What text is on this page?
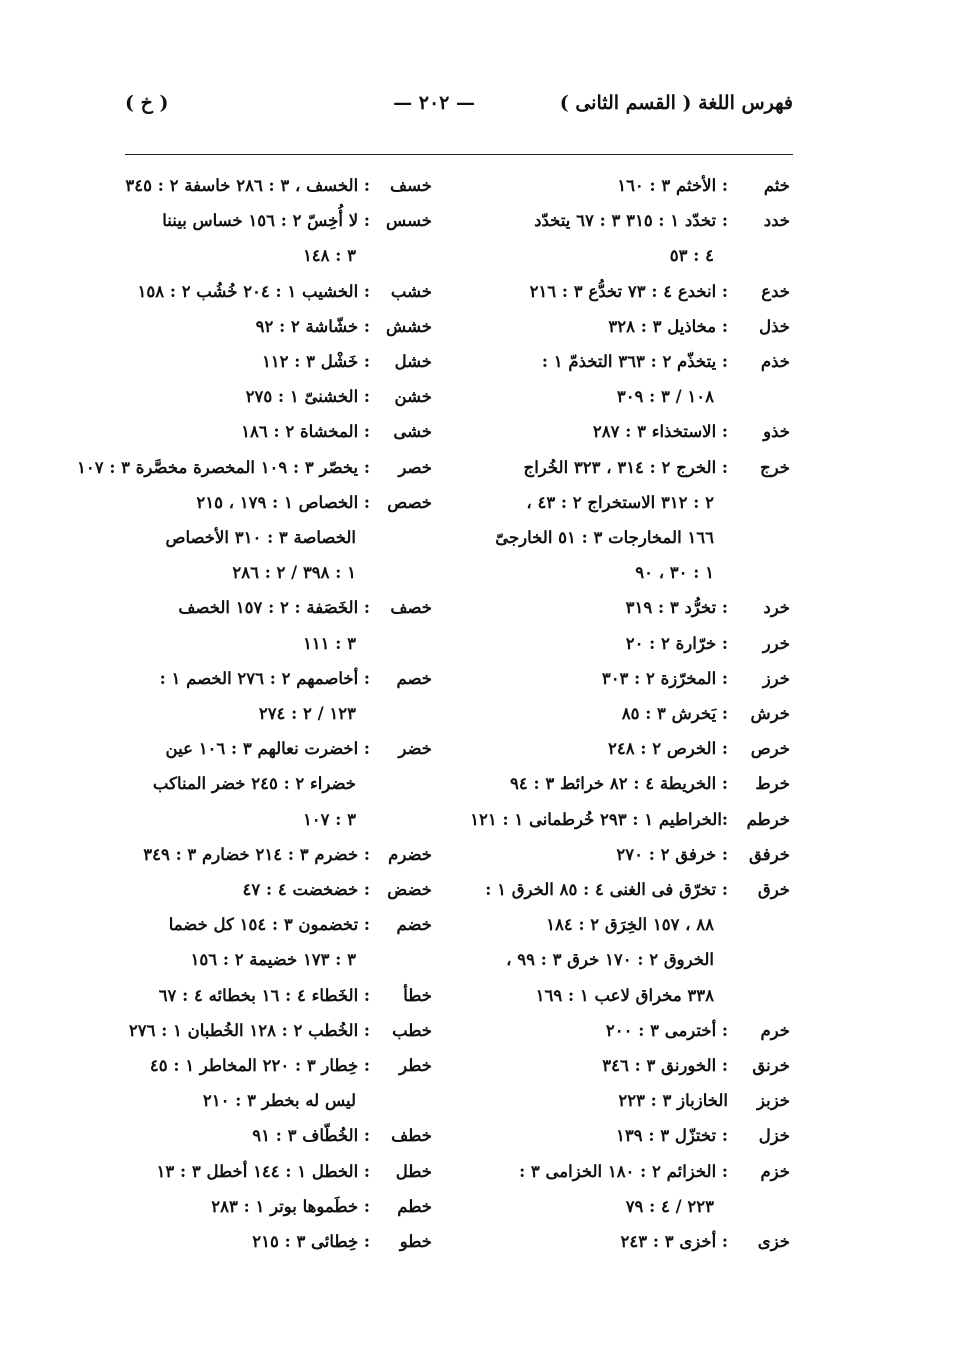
فهرس اللغة ( القسم الثانى )
— ٢٠٢ —
( خ )
خثم
: الأخثم ٣ : ١٦٠
خدد
: تخدّد ١ : ٣١٥ ٣ : ٦٧ يتخدّد
٤ : ٥٣
خدع
: انخدع ٤ : ٧٣ تخدُّع ٣ : ٢١٦
خذل
: مخاذيل ٣ : ٣٢٨
خذم
: يتخذّم ٢ : ٣٦٣ التخذمّ ١ :
١٠٨ / ٣ : ٣٠٩
خذو
: الاستخذاء ٣ : ٢٨٧
خرج
: الخرج ٢ : ٣١٤ ، ٣٢٣ الخُراج
٢ : ٣١٢ الاستخراج ٢ : ٤٣ ،
١٦٦ المخارجات ٣ : ٥١ الخارجىّ
١ : ٣٠ ، ٩٠
خرد
: تخرُّد ٣ : ٣١٩
خرر
: خرّارة ٢ : ٢٠
خرز
: المخرّزة ٢ : ٣٠٣
خرش
: يَخرش ٣ : ٨٥
خرص
: الخرص ٢ : ٢٤٨
خرط
: الخريطة ٤ : ٨٢ خرائط ٣ : ٩٤
خرطم
:الخراطيم ١ : ٢٩٣ خُرطمانى ١ : ١٢١
خرفق
: خرفق ٢ : ٢٧٠
خرق
: تخرّق فى الغنى ٤ : ٨٥ الخرق ١ :
٨٨ ، ١٥٧ الخِرَق ٢ : ١٨٤
الخروق ٢ : ١٧٠ خرق ٣ : ٩٩ ،
٣٣٨ مخراق لاعب ١ : ١٦٩
خرم
: أخترمى ٣ : ٢٠٠
خرنق
: الخورنق ٣ : ٣٤٦
خزبز
الخازباز ٣ : ٢٢٣
خزل
: تختزّل ٣ : ١٣٩
خزم
: الخزائم ٢ : ١٨٠ الخزامى ٣ :
٢٢٣ / ٤ : ٧٩
خزى
: أخزى ٣ : ٢٤٣
خسف
: الخسف ، ٣ : ٢٨٦ خاسفة ٢ : ٣٤٥
خسس
: لا أُخِسّ ٢ : ١٥٦ خساس بيننا
٣ : ١٤٨
خشب
: الخشيب ١ : ٢٠٤ خُشُب ٢ : ١٥٨
خشش
: خشّاشة ٢ : ٩٢
خشل
: خَشْل ٣ : ١١٢
خشن
: الخشنىّ ١ : ٢٧٥
خشى
: المخشاة ٢ : ١٨٦
خصر
: يخصّر ٣ : ١٠٩ المخصرة مخصَّرة ٣ : ١٠٧
خصص
: الخصاص ١ : ١٧٩ ، ٢١٥
الخصاصة ٣ : ٣١٠ الأخصاص
١ : ٣٩٨ / ٢ : ٢٨٦
خصف
: الخَصَفة : ٢ : ١٥٧ الخصف
٣ : ١١١
خصم
: أخاصمهم ٢ : ٢٧٦ الخصم ١ :
١٢٣ / ٢ : ٢٧٤
خضر
: اخضرت نعالهم ٣ : ١٠٦ عين
خضراء ٢ : ٢٤٥ خضر المناكب
٣ : ١٠٧
خضرم
: خضرم ٣ : ٢١٤ خضارم ٣ : ٣٤٩
خضض
: خضخضت ٤ : ٤٧
خضم
: تخضمون ٣ : ١٥٤ كل خضما
٣ : ١٧٣ خضيمة ٢ : ١٥٦
خطأ
: الخَطاء ٤ : ١٦ بخطائه ٤ : ٦٧
خطب
: الخُطب ٢ : ١٢٨ الخُطبان ١ : ٢٧٦
خطر
: خِطار ٣ : ٢٢٠ المخاطر ١ : ٤٥
ليس له بخطر ٣ : ٢١٠
خطف
: الخُطّاف ٣ : ٩١
خطل
: الخطل ١ : ١٤٤ أخطل ٣ : ١٣
خطم
: خطَموها بوتر ١ : ٢٨٣
خطو
: خِطائى ٣ : ٢١٥
